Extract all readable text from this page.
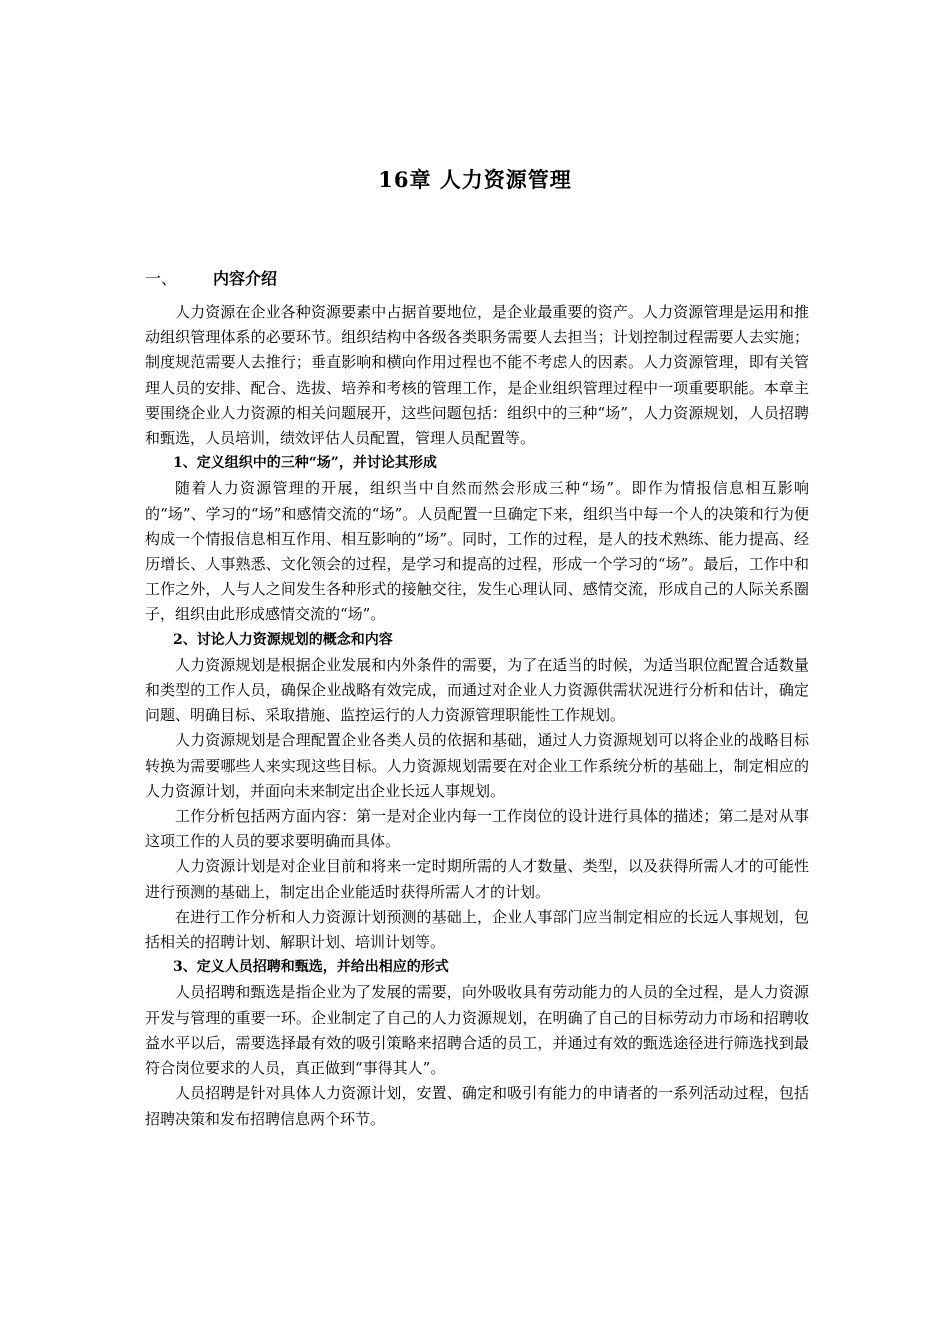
16章 人力资源管理
一、 内容介绍

人力资源在企业各种资源要素中占据首要地位，是企业最重要的资产。人力资源管理是运用和推动组织管理体系的必要环节。组织结构中各级各类职务需要人去担当；计划控制过程需要人去实施；制度规范需要人去推行；垂直影响和横向作用过程也不能不考虑人的因素。人力资源管理，即有关管理人员的安排、配合、选拔、培养和考核的管理工作，是企业组织管理过程中一项重要职能。本章主要围绕企业人力资源的相关问题展开，这些问题包括：组织中的三种“场”，人力资源规划，人员招聘和甄选，人员培训，绩效评估人员配置，管理人员配置等。

1、定义组织中的三种“场”，并讨论其形成

随着人力资源管理的开展，组织当中自然而然会形成三种“场”。即作为情报信息相互影响的“场”、学习的“场”和感情交流的“场”。人员配置一旦确定下来，组织当中每一个人的决策和行为便构成一个情报信息相互作用、相互影响的“场”。同时，工作的过程，是人的技术熟练、能力提高、经历增长、人事熟悉、文化领会的过程，是学习和提高的过程，形成一个学习的“场”。最后，工作中和工作之外，人与人之间发生各种形式的接触交往，发生心理认同、感情交流，形成自己的人际关系圈子，组织由此形成感情交流的“场”。

2、讨论人力资源规划的概念和内容

人力资源规划是根据企业发展和内外条件的需要，为了在适当的时候，为适当职位配置合适数量和类型的工作人员，确保企业战略有效完成，而通过对企业人力资源供需状况进行分析和估计，确定问题、明确目标、采取措施、监控运行的人力资源管理职能性工作规划。

人力资源规划是合理配置企业各类人员的依据和基础，通过人力资源规划可以将企业的战略目标转换为需要哪些人来实现这些目标。人力资源规划需要在对企业工作系统分析的基础上，制定相应的人力资源计划，并面向未来制定出企业长远人事规划。

工作分析包括两方面内容：第一是对企业内每一工作岗位的设计进行具体的描述；第二是对从事这项工作的人员的要求要明确而具体。

人力资源计划是对企业目前和将来一定时期所需的人才数量、类型，以及获得所需人才的可能性进行预测的基础上，制定出企业能适时获得所需人才的计划。

在进行工作分析和人力资源计划预测的基础上，企业人事部门应当制定相应的长远人事规划，包括相关的招聘计划、解职计划、培训计划等。

3、定义人员招聘和甄选，并给出相应的形式

人员招聘和甄选是指企业为了发展的需要，向外吸收具有劳动能力的人员的全过程，是人力资源开发与管理的重要一环。企业制定了自己的人力资源规划，在明确了自己的目标劳动力市场和招聘收益水平以后，需要选择最有效的吸引策略来招聘合适的员工，并通过有效的甄选途径进行筛选找到最符合岗位要求的人员，真正做到“事得其人”。

人员招聘是针对具体人力资源计划，安置、确定和吸引有能力的申请者的一系列活动过程，包括招聘决策和发布招聘信息两个环节。
